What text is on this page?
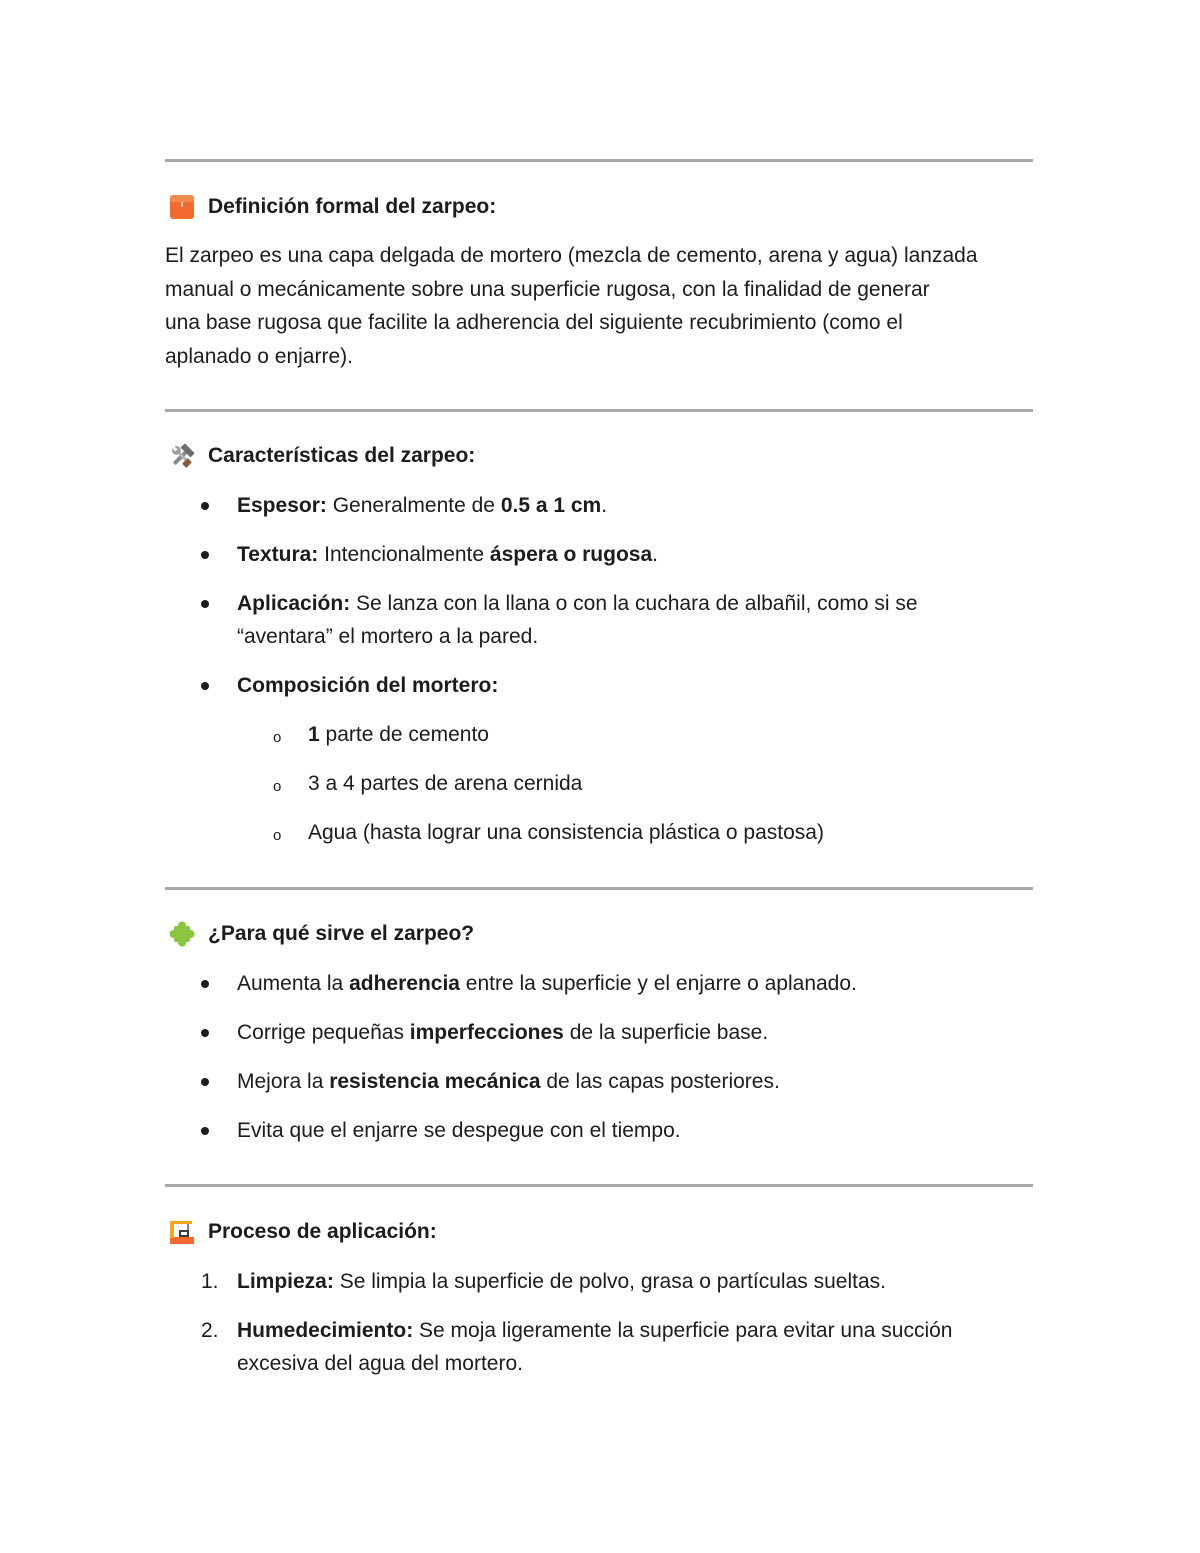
Definición formal del zarpeo:
El zarpeo es una capa delgada de mortero (mezcla de cemento, arena y agua) lanzada
manual o mecánicamente sobre una superficie rugosa, con la finalidad de generar
una base rugosa que facilite la adherencia del siguiente recubrimiento (como el
aplanado o enjarre).
Características del zarpeo:
Espesor: Generalmente de 0.5 a 1 cm.
Textura: Intencionalmente áspera o rugosa.
Aplicación: Se lanza con la llana o con la cuchara de albañil, como si se
“aventara” el mortero a la pared.
Composición del mortero:
o 1 parte de cemento
o 3 a 4 partes de arena cernida
o Agua (hasta lograr una consistencia plástica o pastosa)
¿Para qué sirve el zarpeo?
Aumenta la adherencia entre la superficie y el enjarre o aplanado.
Corrige pequeñas imperfecciones de la superficie base.
Mejora la resistencia mecánica de las capas posteriores.
Evita que el enjarre se despegue con el tiempo.
Proceso de aplicación:
1. Limpieza: Se limpia la superficie de polvo, grasa o partículas sueltas.
2. Humedecimiento: Se moja ligeramente la superficie para evitar una succión
excesiva del agua del mortero.
